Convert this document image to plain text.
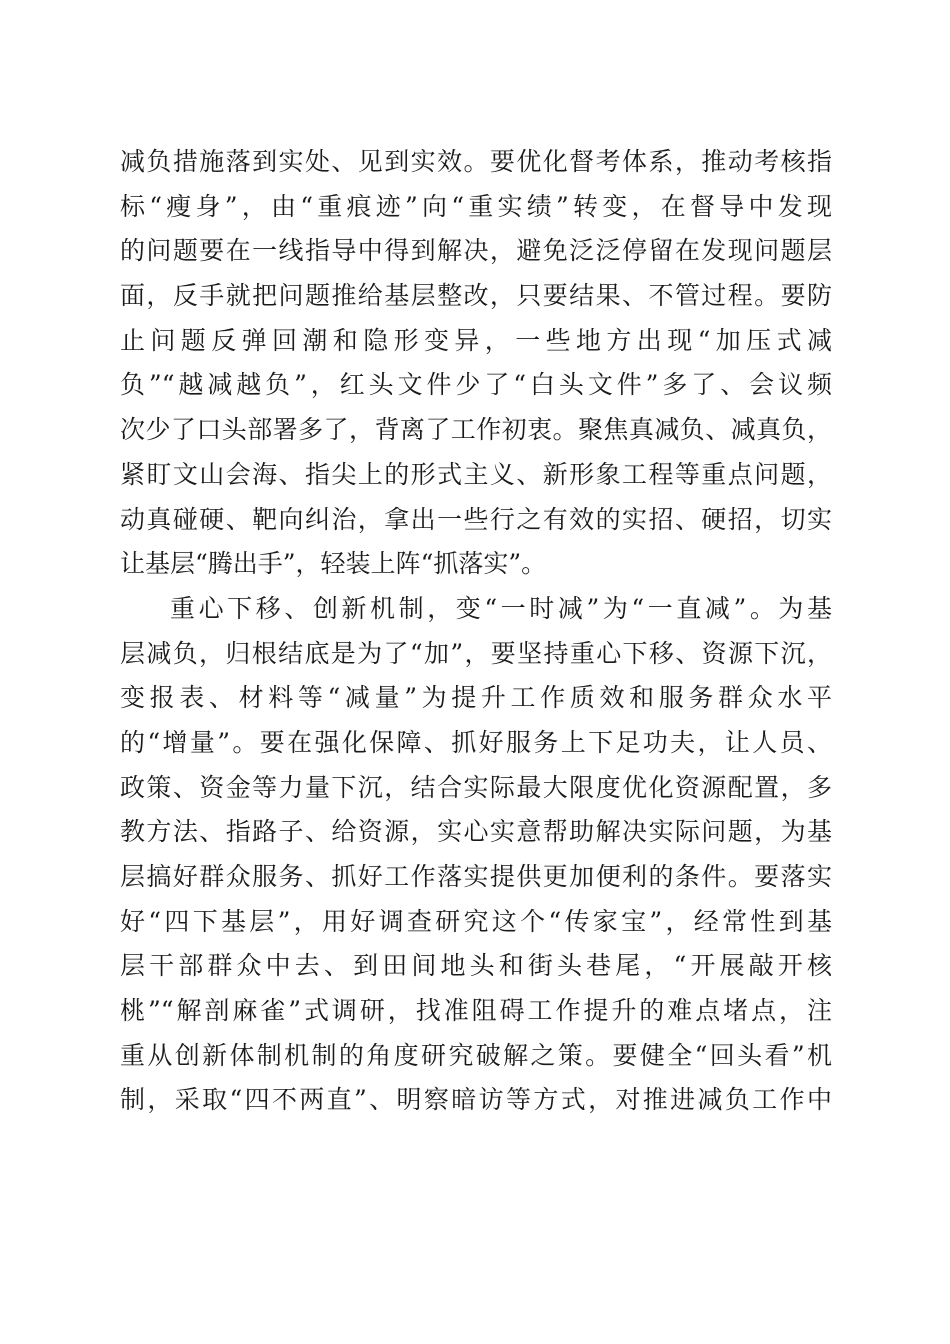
减负措施落到实处、见到实效。要优化督考体系，推动考核指
标“瘦身”，由“重痕迹”向“重实绩”转变，在督导中发现
的问题要在一线指导中得到解决，避免泛泛停留在发现问题层
面，反手就把问题推给基层整改，只要结果、不管过程。要防
止问题反弹回潮和隐形变异，一些地方出现“加压式减
负”“越减越负”，红头文件少了“白头文件”多了、会议频
次少了口头部署多了，背离了工作初衷。聚焦真减负、减真负，
紧盯文山会海、指尖上的形式主义、新形象工程等重点问题，
动真碰硬、靶向纠治，拿出一些行之有效的实招、硬招，切实
让基层“腾出手”，轻装上阵“抓落实”。
重心下移、创新机制，变“一时减”为“一直减”。为基
层减负，归根结底是为了“加”，要坚持重心下移、资源下沉，
变报表、材料等“减量”为提升工作质效和服务群众水平
的“增量”。要在强化保障、抓好服务上下足功夫，让人员、
政策、资金等力量下沉，结合实际最大限度优化资源配置，多
教方法、指路子、给资源，实心实意帮助解决实际问题，为基
层搞好群众服务、抓好工作落实提供更加便利的条件。要落实
好“四下基层”，用好调查研究这个“传家宝”，经常性到基
层干部群众中去、到田间地头和街头巷尾，“开展敲开核
桃”“解剖麻雀”式调研，找准阻碍工作提升的难点堵点，注
重从创新体制机制的角度研究破解之策。要健全“回头看”机
制，采取“四不两直”、明察暗访等方式，对推进减负工作中
